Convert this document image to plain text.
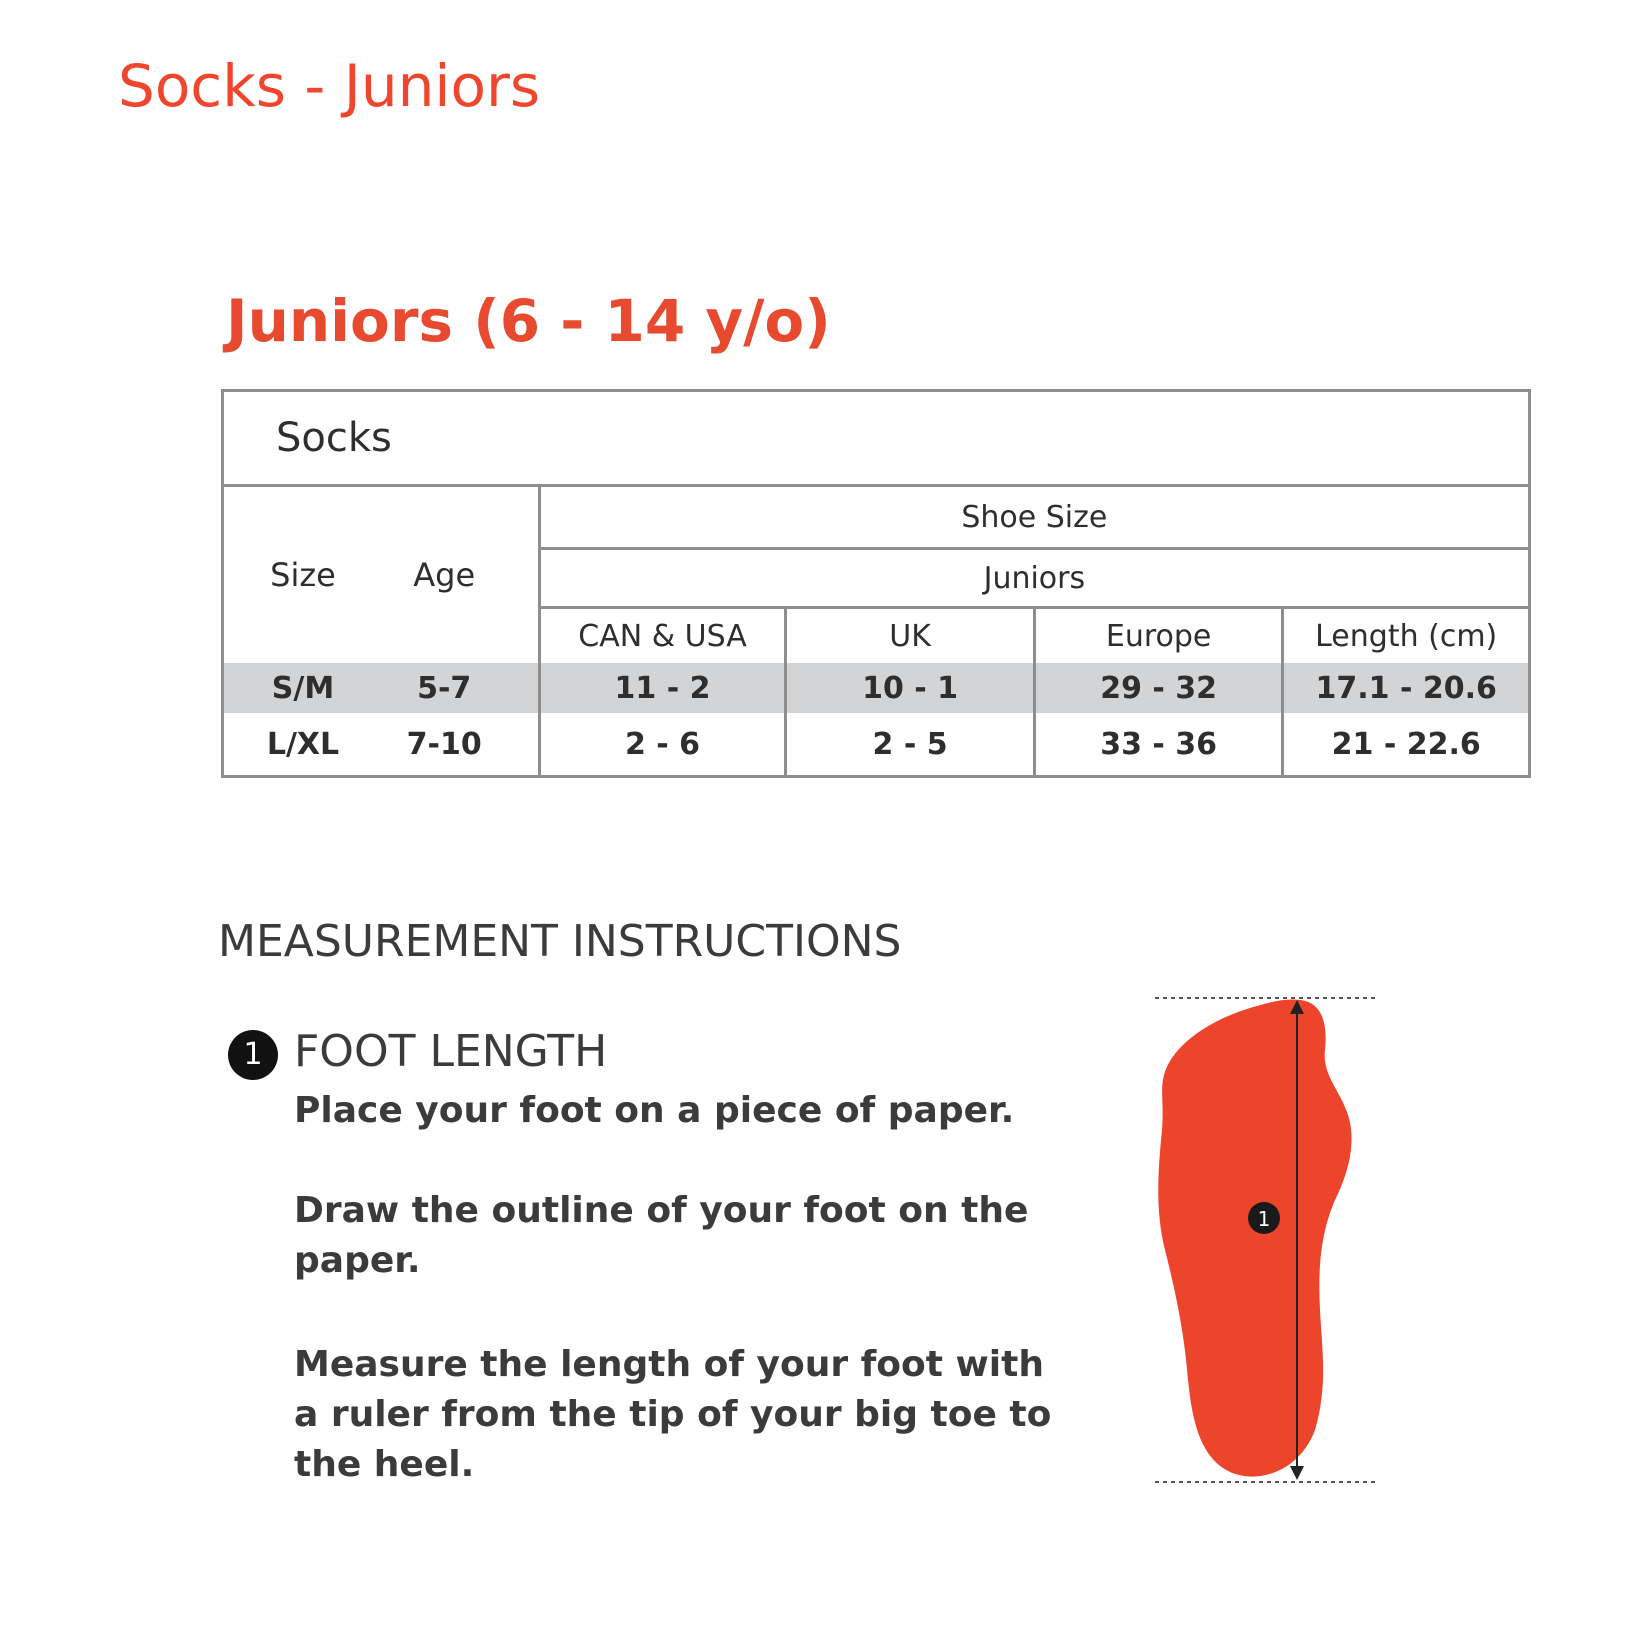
Socks - Juniors
Juniors (6 - 14 y/o)
Socks				

Size Age	Shoe Size			
	Juniors			
	CAN & USA	UK	Europe	Length (cm)

S/M 5-7	11 - 2	10 - 1	29 - 32	17.1 - 20.6

L/XL 7-10	2 - 6	2 - 5	33 - 36	21 - 22.6
MEASUREMENT INSTRUCTIONS
1 FOOT LENGTH

Place your foot on a piece of paper.

Draw the outline of your foot on the paper.

Measure the length of your foot with a ruler from the tip of your big toe to the heel.

1
